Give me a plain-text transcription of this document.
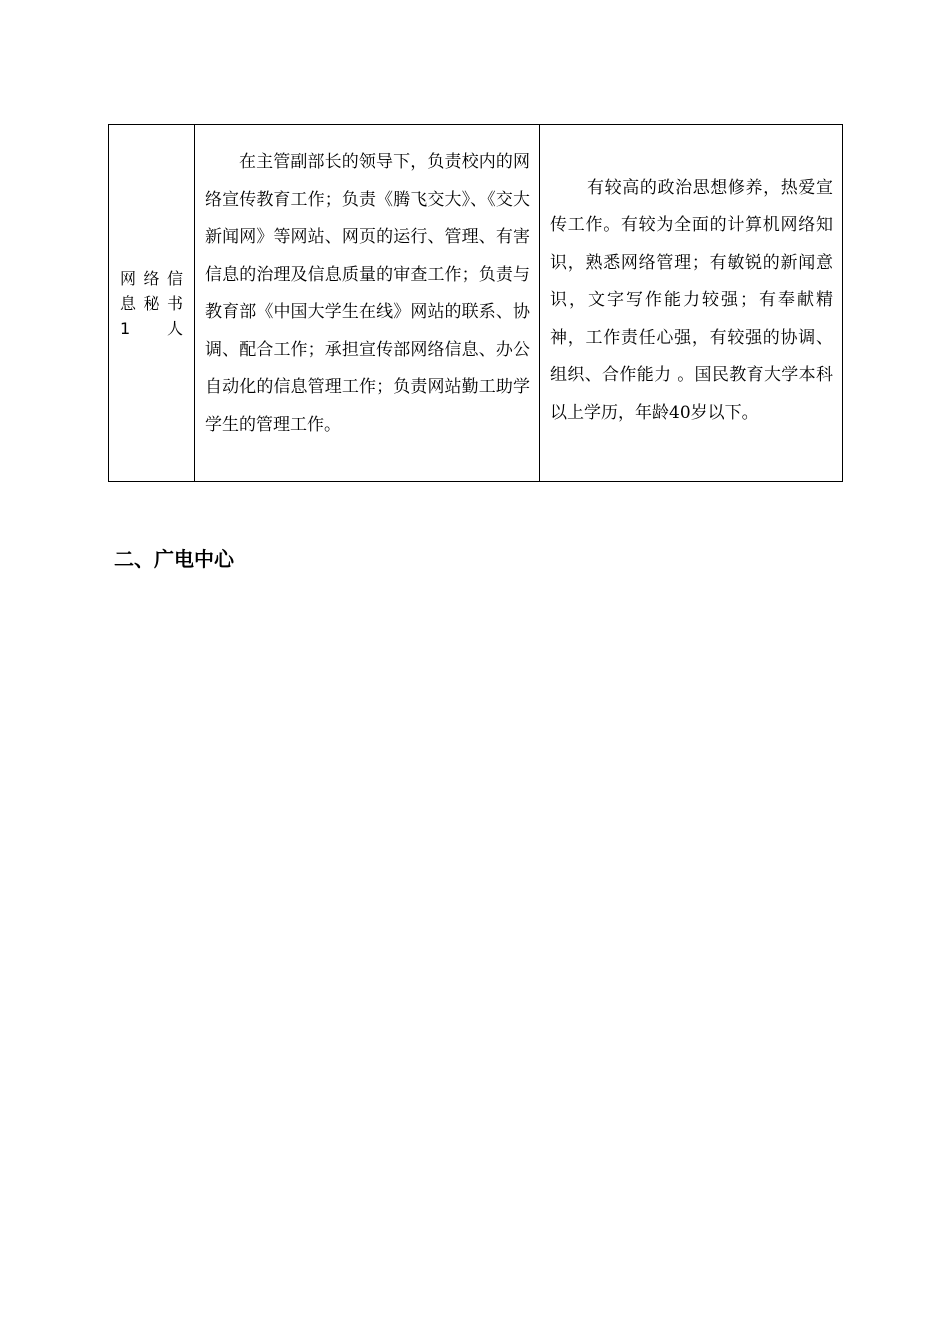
网络信息秘书1人

在主管副部长的领导下，负责校内的网络宣传教育工作；负责《腾飞交大》、《交大新闻网》等网站、网页的运行、管理、有害信息的治理及信息质量的审查工作；负责与教育部《中国大学生在线》网站的联系、协调、配合工作；承担宣传部网络信息、办公自动化的信息管理工作；负责网站勤工助学学生的管理工作。

有较高的政治思想修养，热爱宣传工作。有较为全面的计算机网络知识，熟悉网络管理；有敏锐的新闻意识，文字写作能力较强；有奉献精神，工作责任心强，有较强的协调、组织、合作能力 。国民教育大学本科以上学历，年龄40岁以下。
二、广电中心
